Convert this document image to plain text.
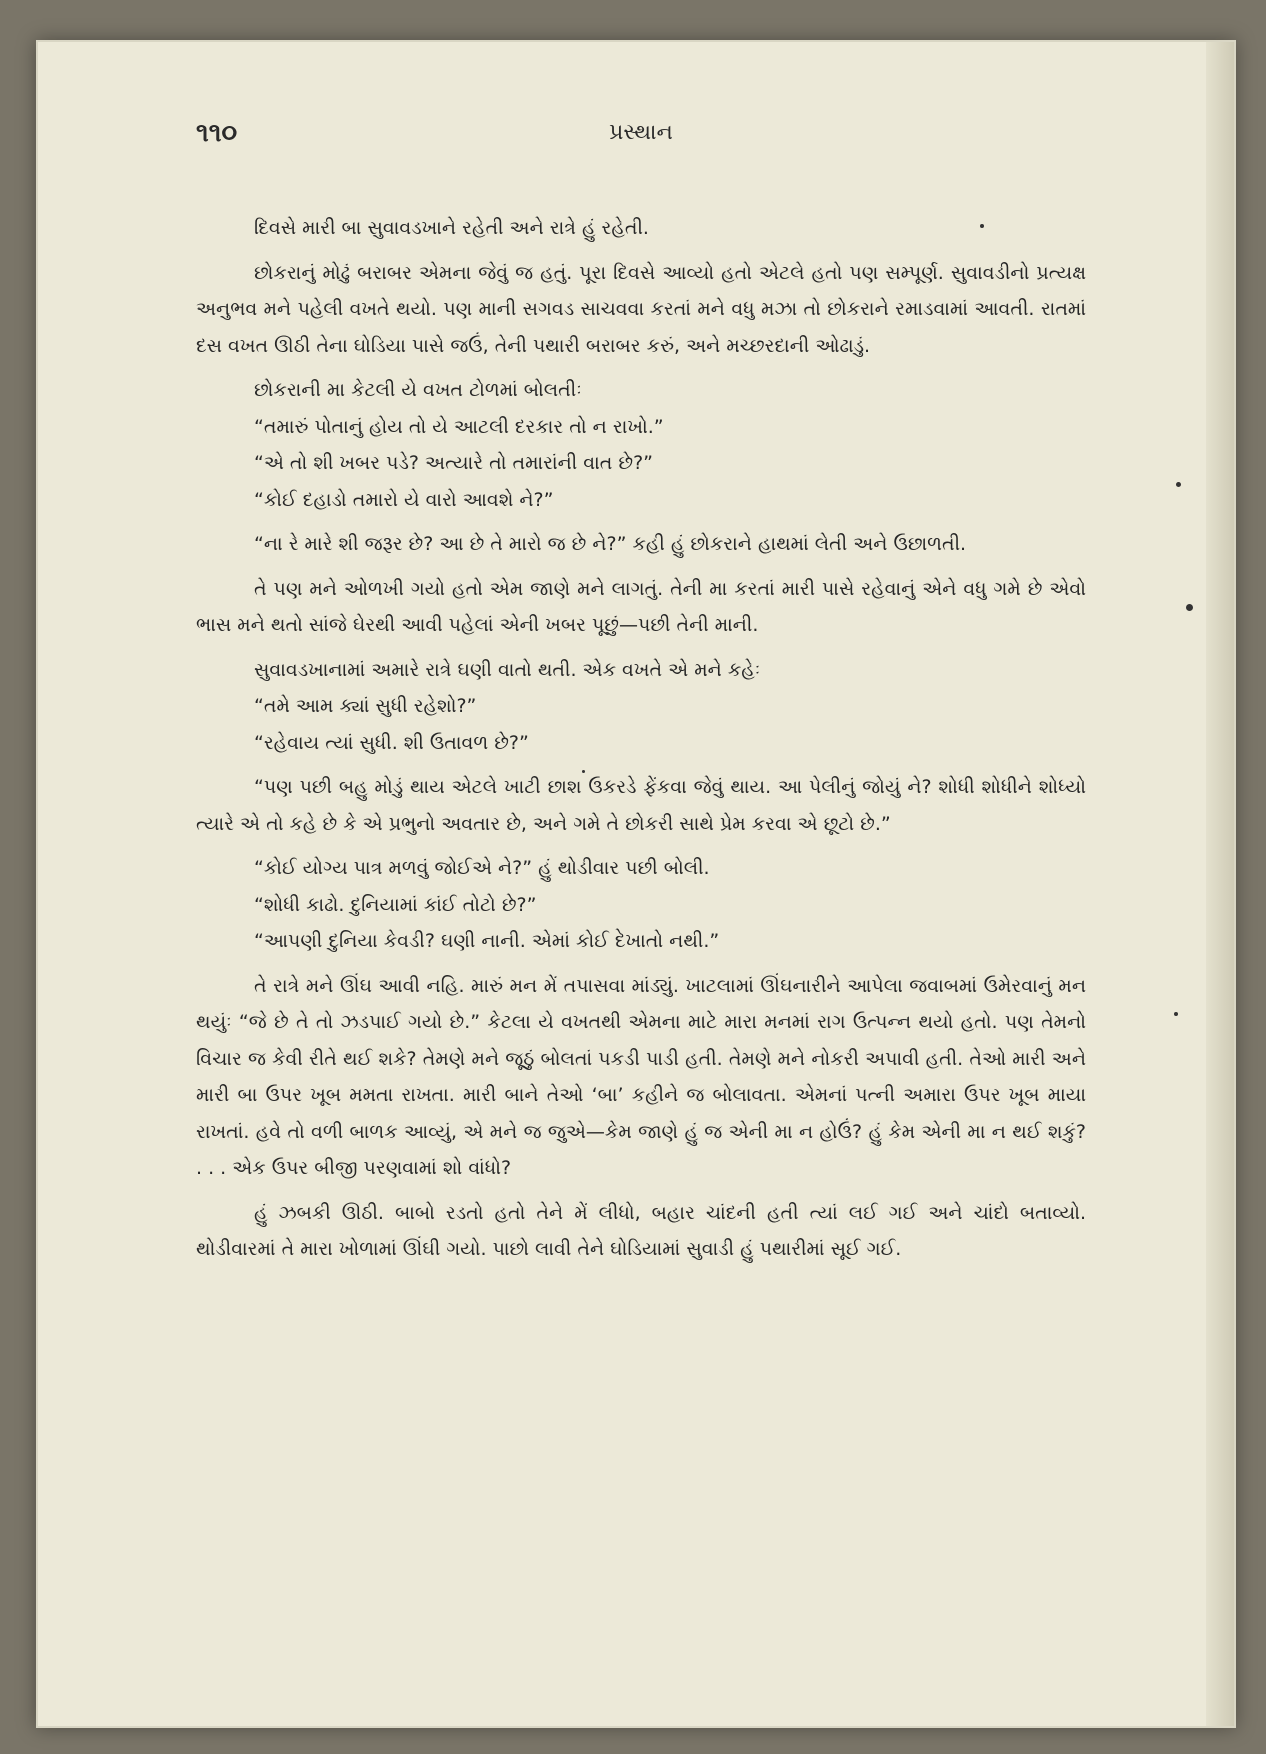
૧૧૦	પ્રસ્થાન

દિવસે મારી બા સુવાવડખાને રહેતી અને રાત્રે હું રહેતી.

છોકરાનું મોઢું બરાબર એમના જેવું જ હતું. પૂરા દિવસે આવ્યો હતો એટલે હતો પણ સમ્પૂર્ણ. સુવાવડીનો પ્રત્યક્ષ અનુભવ મને પહેલી વખતે થયો. પણ માની સગવડ સાચવવા કરતાં મને વધુ મઝા તો છોકરાને રમાડવામાં આવતી. રાતમાં દસ વખત ઊઠી તેના ઘોડિયા પાસે જઉં, તેની પથારી બરાબર કરું, અને મચ્છરદાની ઓઢાડું.

છોકરાની મા કેટલી યે વખત ટોળમાં બોલતીઃ

“તમારું પોતાનું હોય તો યે આટલી દરકાર તો ન રાખો.”

“એ તો શી ખબર પડે? અત્યારે તો તમારાંની વાત છે?”

“કોઈ દહાડો તમારો યે વારો આવશે ને?”

“ના રે મારે શી જરૂર છે? આ છે તે મારો જ છે ને?” કહી હું છોકરાને હાથમાં લેતી અને ઉછાળતી.

તે પણ મને ઓળખી ગયો હતો એમ જાણે મને લાગતું. તેની મા કરતાં મારી પાસે રહેવાનું એને વધુ ગમે છે એવો ભાસ મને થતો સાંજે ઘેરથી આવી પહેલાં એની ખબર પૂછું—પછી તેની માની.

સુવાવડખાનામાં અમારે રાત્રે ઘણી વાતો થતી. એક વખતે એ મને કહેઃ

“તમે આમ ક્યાં સુધી રહેશો?”

“રહેવાય ત્યાં સુધી. શી ઉતાવળ છે?”

“પણ પછી બહુ મોડું થાય એટલે ખાટી છાશ ઉકરડે ફેંકવા જેવું થાય. આ પેલીનું જોયું ને? શોધી શોધીને શોધ્યો ત્યારે એ તો કહે છે કે એ પ્રભુનો અવતાર છે, અને ગમે તે છોકરી સાથે પ્રેમ કરવા એ છૂટો છે.”

“કોઈ યોગ્ય પાત્ર મળવું જોઈએ ને?” હું થોડીવાર પછી બોલી.

“શોધી કાઢો. દુનિયામાં કાંઈ તોટો છે?”

“આપણી દુનિયા કેવડી? ઘણી નાની. એમાં કોઈ દેખાતો નથી.”

તે રાત્રે મને ઊંઘ આવી નહિ. મારું મન મેં તપાસવા માંડ્યું. ખાટલામાં ઊંઘનારીને આપેલા જવાબમાં ઉમેરવાનું મન થયુંઃ “જે છે તે તો ઝડપાઈ ગયો છે.” કેટલા યે વખતથી એમના માટે મારા મનમાં રાગ ઉત્પન્ન થયો હતો. પણ તેમનો વિચાર જ કેવી રીતે થઈ શકે? તેમણે મને જૂઠું બોલતાં પકડી પાડી હતી. તેમણે મને નોકરી અપાવી હતી. તેઓ મારી અને મારી બા ઉપર ખૂબ મમતા રાખતા. મારી બાને તેઓ ‘બા’ કહીને જ બોલાવતા. એમનાં પત્ની અમારા ઉપર ખૂબ માયા રાખતાં. હવે તો વળી બાળક આવ્યું, એ મને જ જુએ—કેમ જાણે હું જ એની મા ન હોઉં? હું કેમ એની મા ન થઈ શકું? . . . એક ઉપર બીજી પરણવામાં શો વાંધો?

હું ઝબકી ઊઠી. બાબો રડતો હતો તેને મેં લીધો, બહાર ચાંદની હતી ત્યાં લઈ ગઈ અને ચાંદો બતાવ્યો. થોડીવારમાં તે મારા ખોળામાં ઊંઘી ગયો. પાછો લાવી તેને ઘોડિયામાં સુવાડી હું પથારીમાં સૂઈ ગઈ.
